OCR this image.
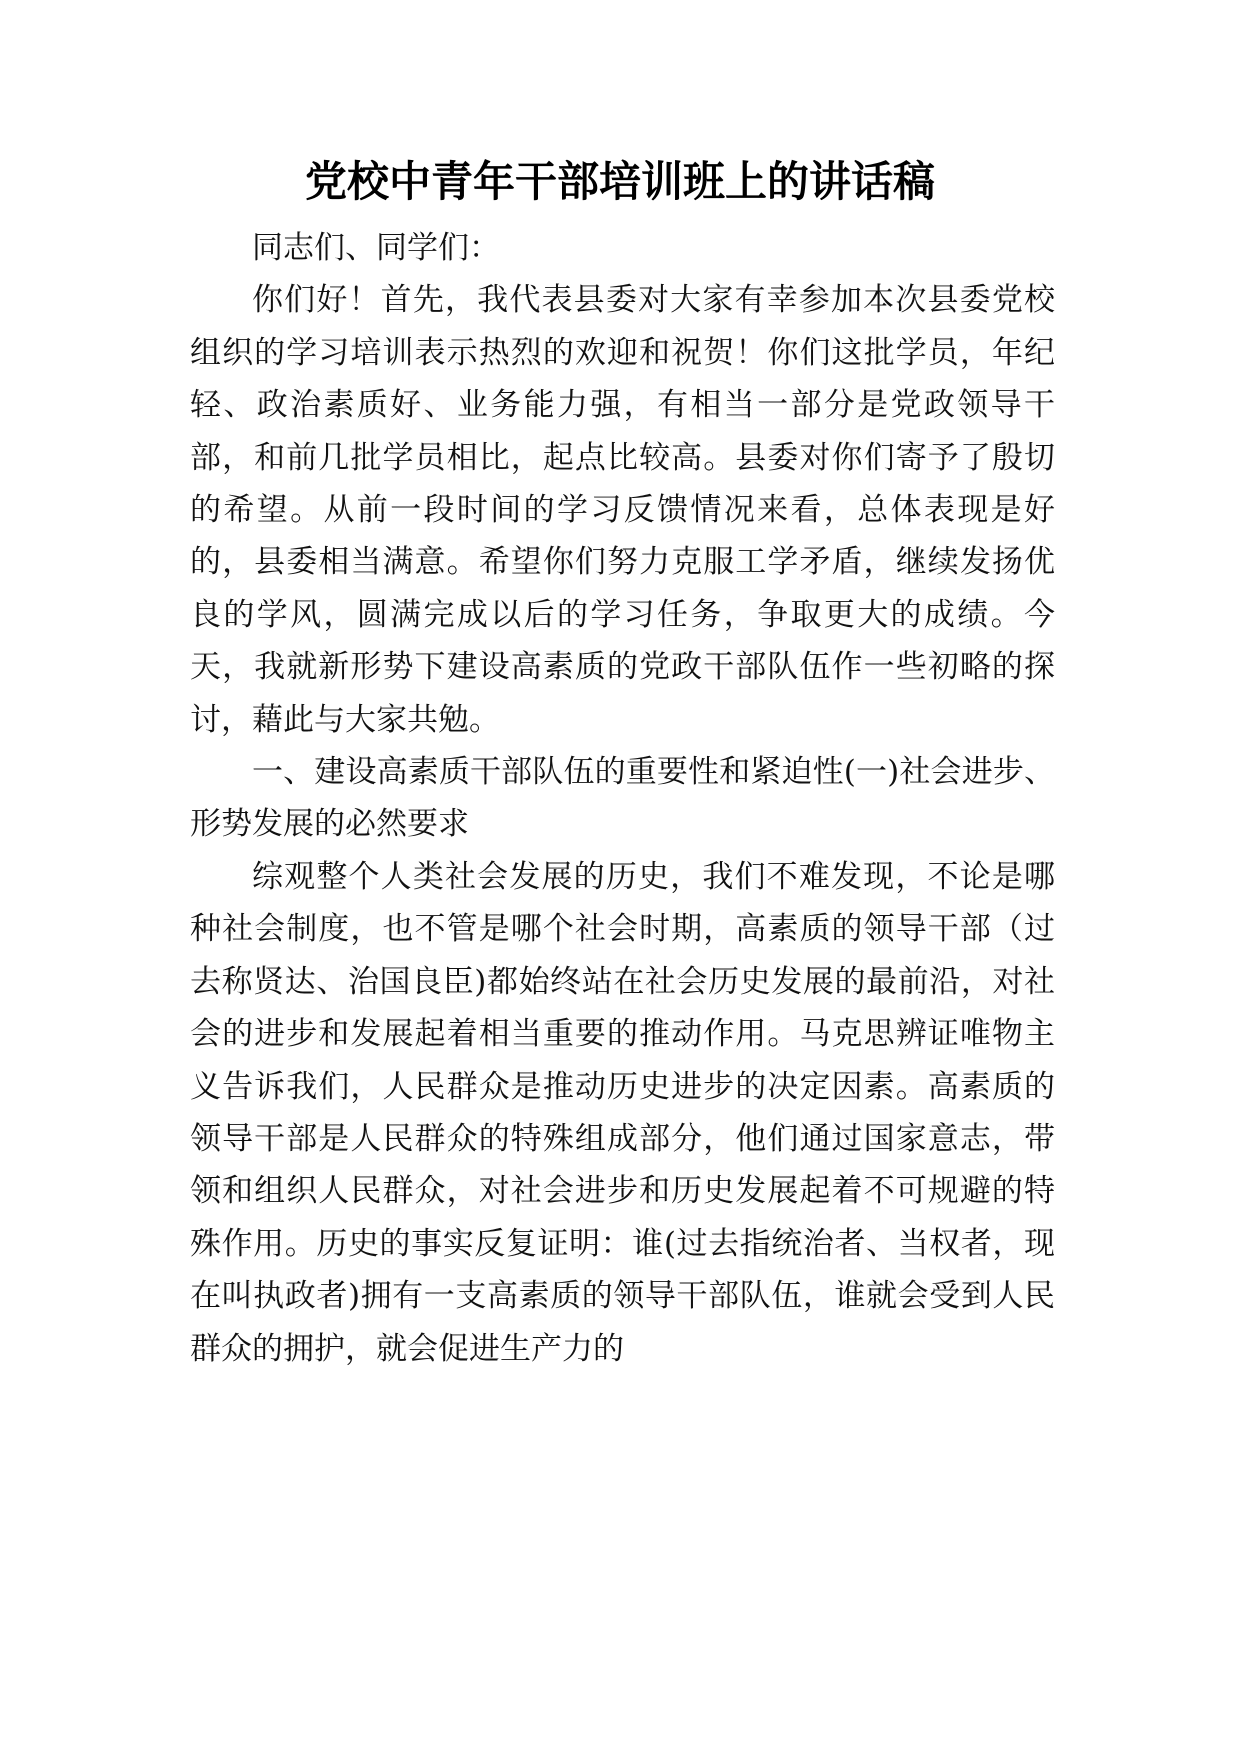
党校中青年干部培训班上的讲话稿

同志们、同学们：

你们好！首先，我代表县委对大家有幸参加本次县委党校组织的学习培训表示热烈的欢迎和祝贺！你们这批学员，年纪轻、政治素质好、业务能力强，有相当一部分是党政领导干部，和前几批学员相比，起点比较高。县委对你们寄予了殷切的希望。从前一段时间的学习反馈情况来看，总体表现是好的，县委相当满意。希望你们努力克服工学矛盾，继续发扬优良的学风，圆满完成以后的学习任务，争取更大的成绩。今天，我就新形势下建设高素质的党政干部队伍作一些初略的探讨，藉此与大家共勉。

一、建设高素质干部队伍的重要性和紧迫性(一)社会进步、形势发展的必然要求

综观整个人类社会发展的历史，我们不难发现，不论是哪种社会制度，也不管是哪个社会时期，高素质的领导干部（过去称贤达、治国良臣)都始终站在社会历史发展的最前沿，对社会的进步和发展起着相当重要的推动作用。马克思辨证唯物主义告诉我们，人民群众是推动历史进步的决定因素。高素质的领导干部是人民群众的特殊组成部分，他们通过国家意志，带领和组织人民群众，对社会进步和历史发展起着不可规避的特殊作用。历史的事实反复证明：谁(过去指统治者、当权者，现在叫执政者)拥有一支高素质的领导干部队伍，谁就会受到人民群众的拥护，就会促进生产力的
